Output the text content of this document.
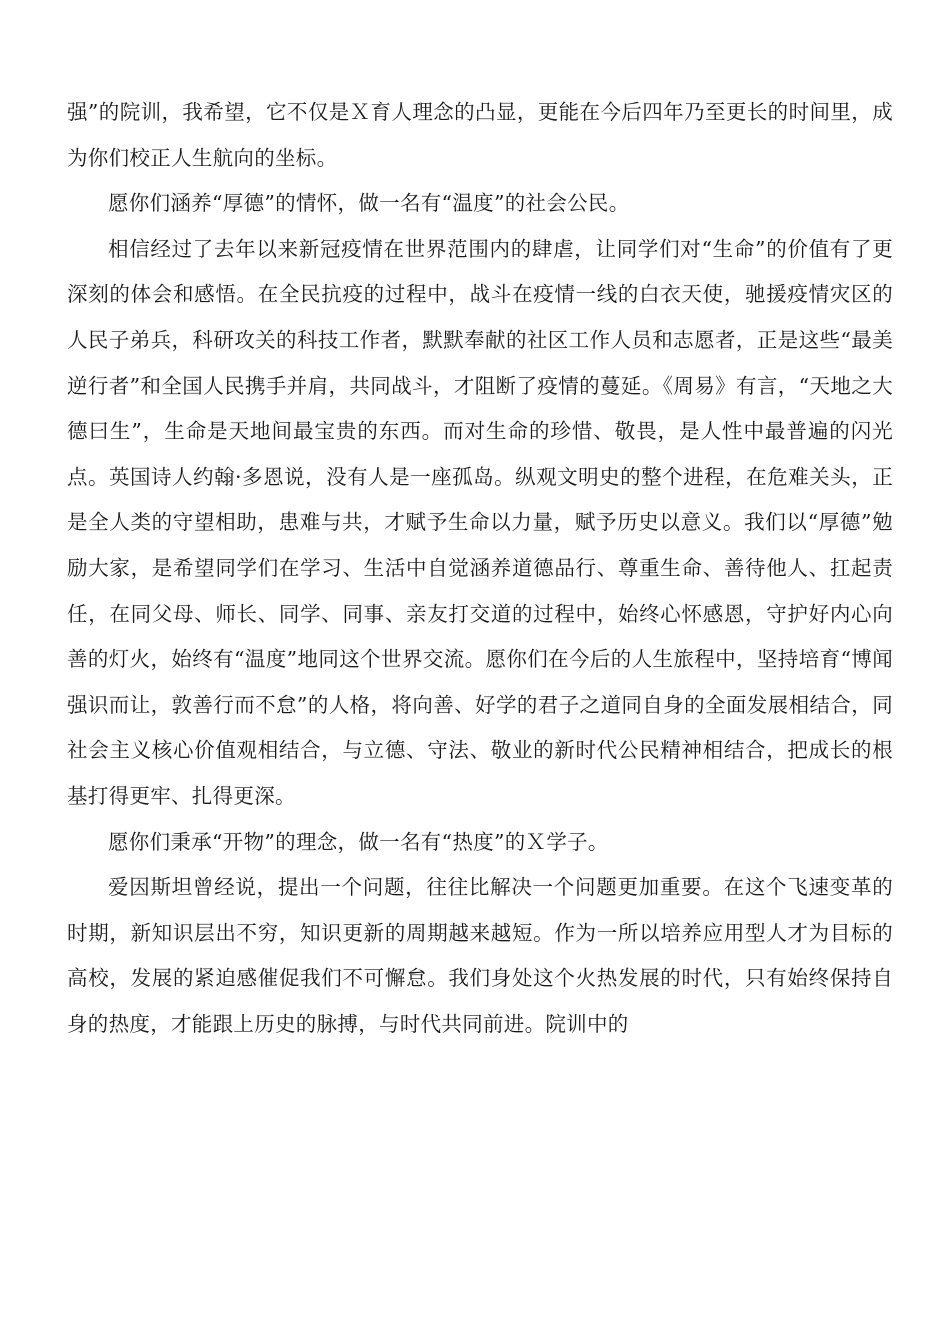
强”的院训，我希望，它不仅是Ｘ育人理念的凸显，更能在今后四年乃至更长的时间里，成为你们校正人生航向的坐标。

愿你们涵养“厚德”的情怀，做一名有“温度”的社会公民。

相信经过了去年以来新冠疫情在世界范围内的肆虐，让同学们对“生命”的价值有了更深刻的体会和感悟。在全民抗疫的过程中，战斗在疫情一线的白衣天使，驰援疫情灾区的人民子弟兵，科研攻关的科技工作者，默默奉献的社区工作人员和志愿者，正是这些“最美逆行者”和全国人民携手并肩，共同战斗，才阻断了疫情的蔓延。《周易》有言，“天地之大德曰生”，生命是天地间最宝贵的东西。而对生命的珍惜、敬畏，是人性中最普遍的闪光点。英国诗人约翰·多恩说，没有人是一座孤岛。纵观文明史的整个进程，在危难关头，正是全人类的守望相助，患难与共，才赋予生命以力量，赋予历史以意义。我们以“厚德”勉励大家，是希望同学们在学习、生活中自觉涵养道德品行、尊重生命、善待他人、扛起责任，在同父母、师长、同学、同事、亲友打交道的过程中，始终心怀感恩，守护好内心向善的灯火，始终有“温度”地同这个世界交流。愿你们在今后的人生旅程中，坚持培育“博闻强识而让，敦善行而不怠”的人格，将向善、好学的君子之道同自身的全面发展相结合，同社会主义核心价值观相结合，与立德、守法、敬业的新时代公民精神相结合，把成长的根基打得更牢、扎得更深。

愿你们秉承“开物”的理念，做一名有“热度”的Ｘ学子。

爱因斯坦曾经说，提出一个问题，往往比解决一个问题更加重要。在这个飞速变革的时期，新知识层出不穷，知识更新的周期越来越短。作为一所以培养应用型人才为目标的高校，发展的紧迫感催促我们不可懈怠。我们身处这个火热发展的时代，只有始终保持自身的热度，才能跟上历史的脉搏，与时代共同前进。院训中的
